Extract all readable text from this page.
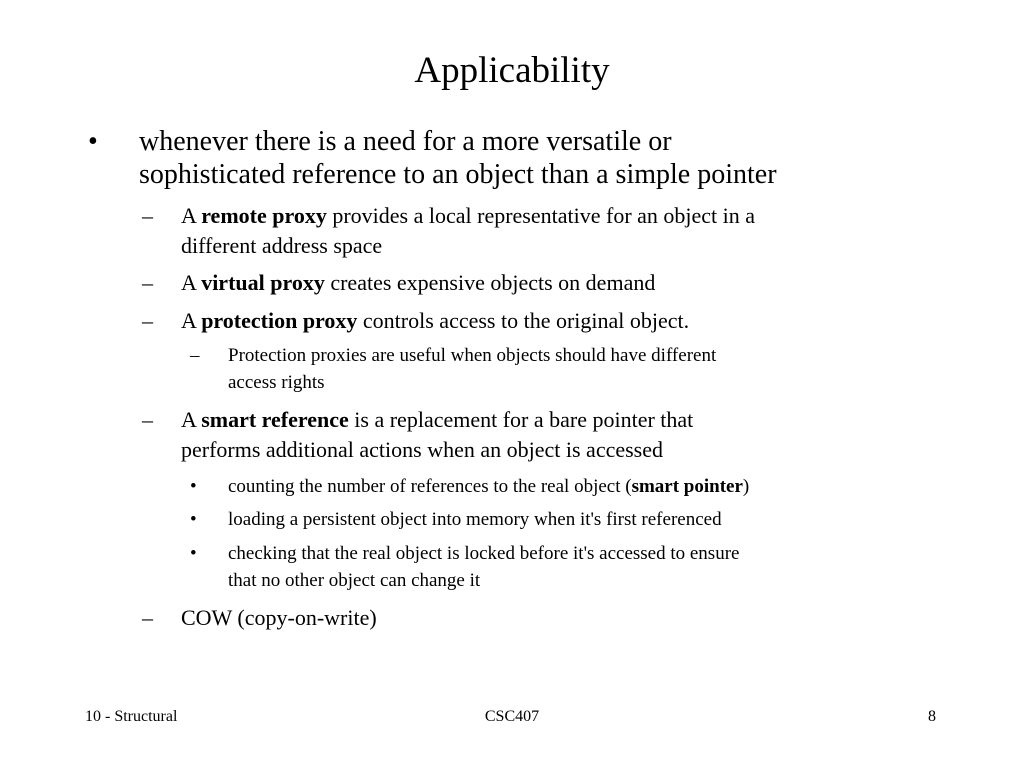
Applicability
• whenever there is a need for a more versatile or
sophisticated reference to an object than a simple pointer
– A remote proxy provides a local representative for an object in a
different address space
– A virtual proxy creates expensive objects on demand
– A protection proxy controls access to the original object.
– Protection proxies are useful when objects should have different
access rights
– A smart reference is a replacement for a bare pointer that
performs additional actions when an object is accessed
• counting the number of references to the real object (smart pointer)
• loading a persistent object into memory when it's first referenced
• checking that the real object is locked before it's accessed to ensure
that no other object can change it
– COW (copy-on-write)
10 - Structural	CSC407	8
